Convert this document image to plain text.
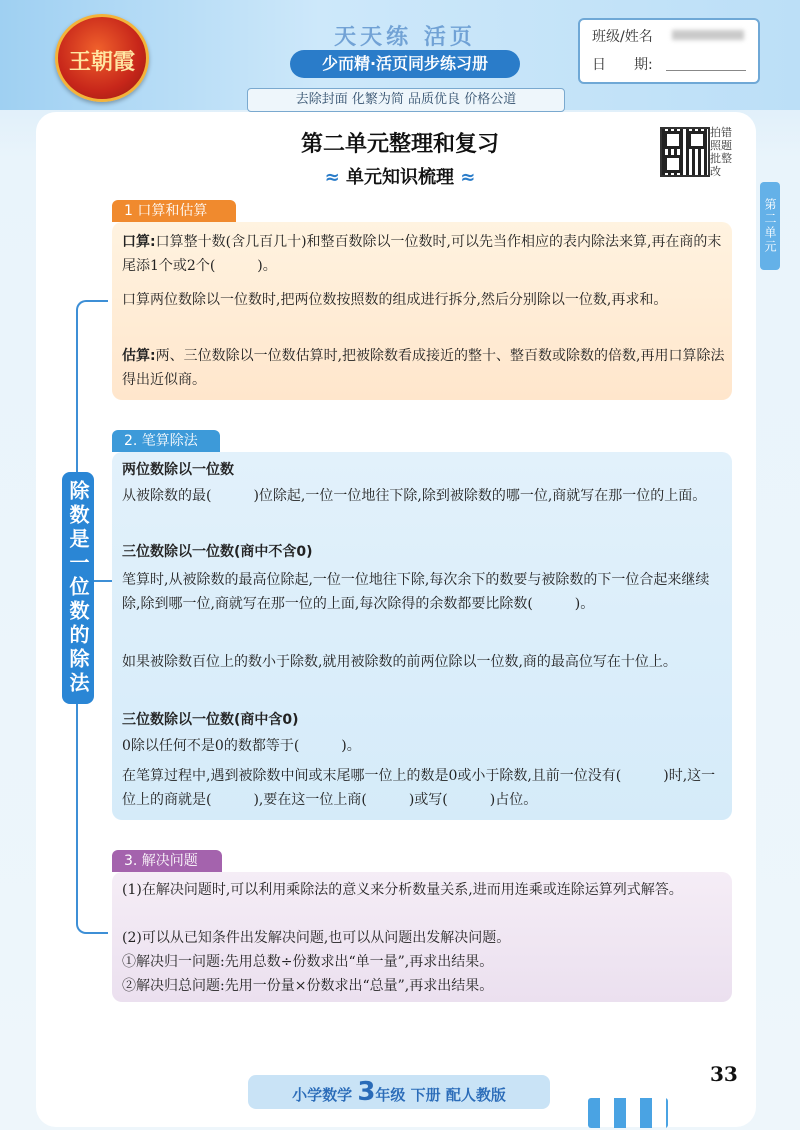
王朝霞
天天练 活页
少而精·活页同步练习册
去除封面 化繁为简 品质优良 价格公道
班级/姓名
日　　期:
第二单元
第二单元整理和复习
≈ 单元知识梳理 ≈
拍错照题批整改
除数是一位数的除法
1 口算和估算
口算:口算整十数(含几百几十)和整百数除以一位数时,可以先当作相应的表内除法来算,再在商的末尾添1个或2个(　　　)。
口算两位数除以一位数时,把两位数按照数的组成进行拆分,然后分别除以一位数,再求和。
估算:两、三位数除以一位数估算时,把被除数看成接近的整十、整百数或除数的倍数,再用口算除法得出近似商。
2. 笔算除法
两位数除以一位数
从被除数的最(　　　)位除起,一位一位地往下除,除到被除数的哪一位,商就写在那一位的上面。
三位数除以一位数(商中不含0)
笔算时,从被除数的最高位除起,一位一位地往下除,每次余下的数要与被除数的下一位合起来继续除,除到哪一位,商就写在那一位的上面,每次除得的余数都要比除数(　　　)。
如果被除数百位上的数小于除数,就用被除数的前两位除以一位数,商的最高位写在十位上。
三位数除以一位数(商中含0)
0除以任何不是0的数都等于(　　　)。
在笔算过程中,遇到被除数中间或末尾哪一位上的数是0或小于除数,且前一位没有(　　　)时,这一位上的商就是(　　　),要在这一位上商(　　　)或写(　　　)占位。
3. 解决问题
(1)在解决问题时,可以利用乘除法的意义来分析数量关系,进而用连乘或连除运算列式解答。
(2)可以从已知条件出发解决问题,也可以从问题出发解决问题。
①解决归一问题:先用总数÷份数求出“单一量”,再求出结果。
②解决归总问题:先用一份量×份数求出“总量”,再求出结果。
33
小学数学 3年级 下册 配人教版
